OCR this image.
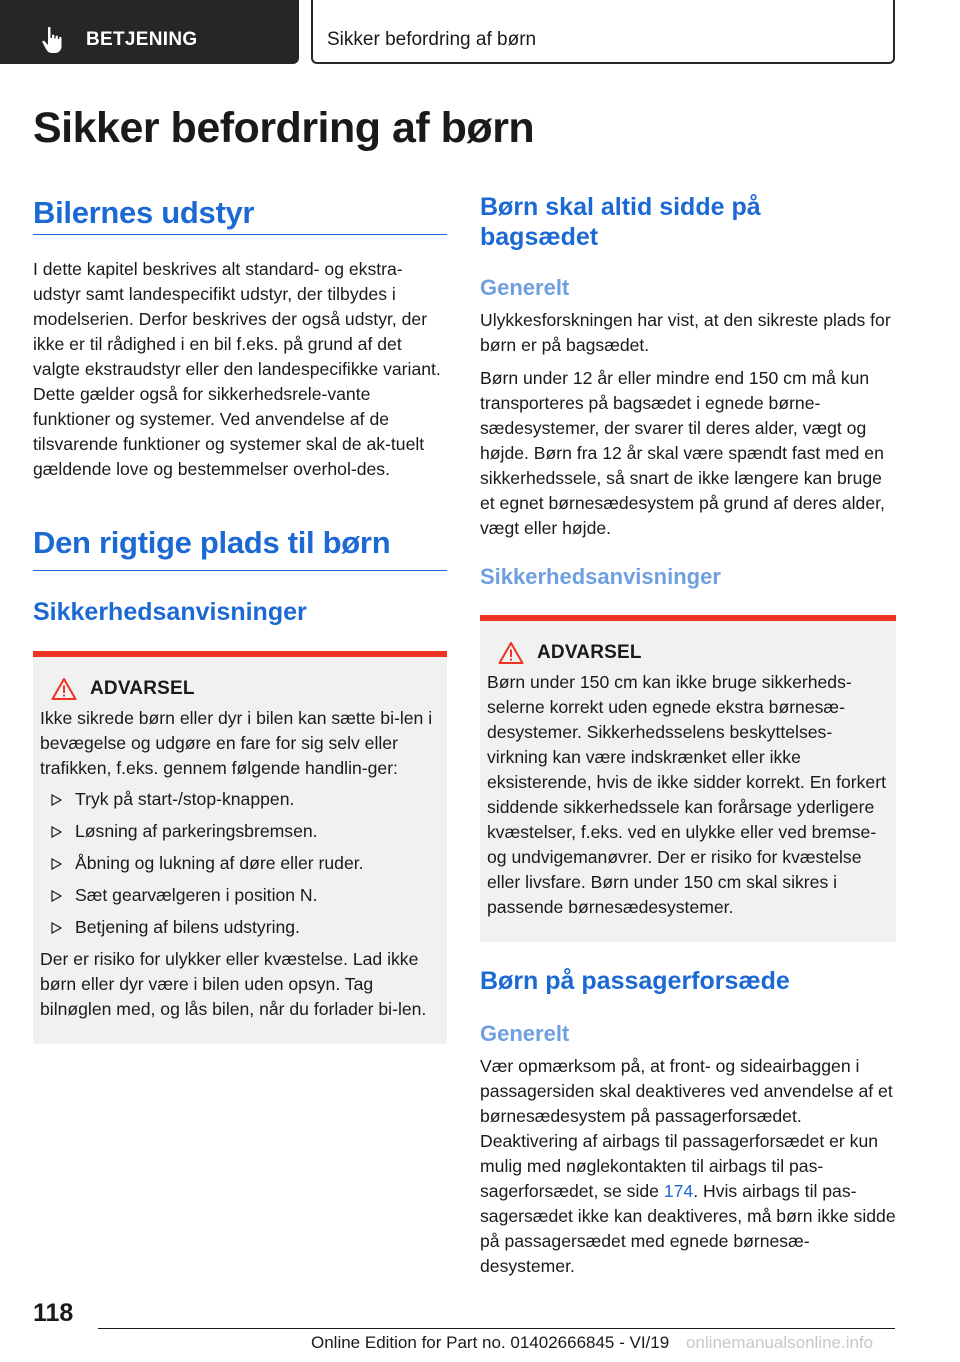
BETJENING	Sikker befordring af børn
Sikker befordring af børn
Bilernes udstyr

I dette kapitel beskrives alt standard- og ekstra-udstyr samt landespecifikt udstyr, der tilbydes i modelserien. Derfor beskrives der også udstyr, der ikke er til rådighed i en bil f.eks. på grund af det valgte ekstraudstyr eller den landespecifikke variant. Dette gælder også for sikkerhedsrele-vante funktioner og systemer. Ved anvendelse af de tilsvarende funktioner og systemer skal de ak-tuelt gældende love og bestemmelser overhol-des.

Den rigtige plads til børn
Sikkerhedsanvisninger
ADVARSEL

Ikke sikrede børn eller dyr i bilen kan sætte bi-len i bevægelse og udgøre en fare for sig selv eller trafikken, f.eks. gennem følgende handlin-ger:

Tryk på start-/stop-knappen.
Løsning af parkeringsbremsen.
Åbning og lukning af døre eller ruder.
Sæt gearvælgeren i position N.
Betjening af bilens udstyring.

Der er risiko for ulykker eller kvæstelse. Lad ikke børn eller dyr være i bilen uden opsyn. Tag bilnøglen med, og lås bilen, når du forlader bi-len.

Børn skal altid sidde på bagsædet
Generelt

Ulykkesforskningen har vist, at den sikreste plads for børn er på bagsædet.

Børn under 12 år eller mindre end 150 cm må kun transporteres på bagsædet i egnede børne-sædesystemer, der svarer til deres alder, vægt og højde. Børn fra 12 år skal være spændt fast med en sikkerhedssele, så snart de ikke længere kan bruge et egnet børnesædesystem på grund af deres alder, vægt eller højde.

Sikkerhedsanvisninger
ADVARSEL

Børn under 150 cm kan ikke bruge sikkerheds-selerne korrekt uden egnede ekstra børnesæ-desystemer. Sikkerhedsselens beskyttelses-virkning kan være indskrænket eller ikke eksisterende, hvis de ikke sidder korrekt. En forkert siddende sikkerhedssele kan forårsage yderligere kvæstelser, f.eks. ved en ulykke eller ved bremse- og undvigemanøvrer. Der er risiko for kvæstelse eller livsfare. Børn under 150 cm skal sikres i passende børnesædesystemer.

Børn på passagerforsæde
Generelt

Vær opmærksom på, at front- og sideairbaggen i passagersiden skal deaktiveres ved anvendelse af et børnesædesystem på passagerforsædet. Deaktivering af airbags til passagerforsædet er kun mulig med nøglekontakten til airbags til pas-sagerforsædet, se side 174. Hvis airbags til pas-sagersædet ikke kan deaktiveres, må børn ikke sidde på passagersædet med egnede børnesæ-desystemer.

118
Online Edition for Part no. 01402666845 - VI/19 onlinemanualsonline.info
